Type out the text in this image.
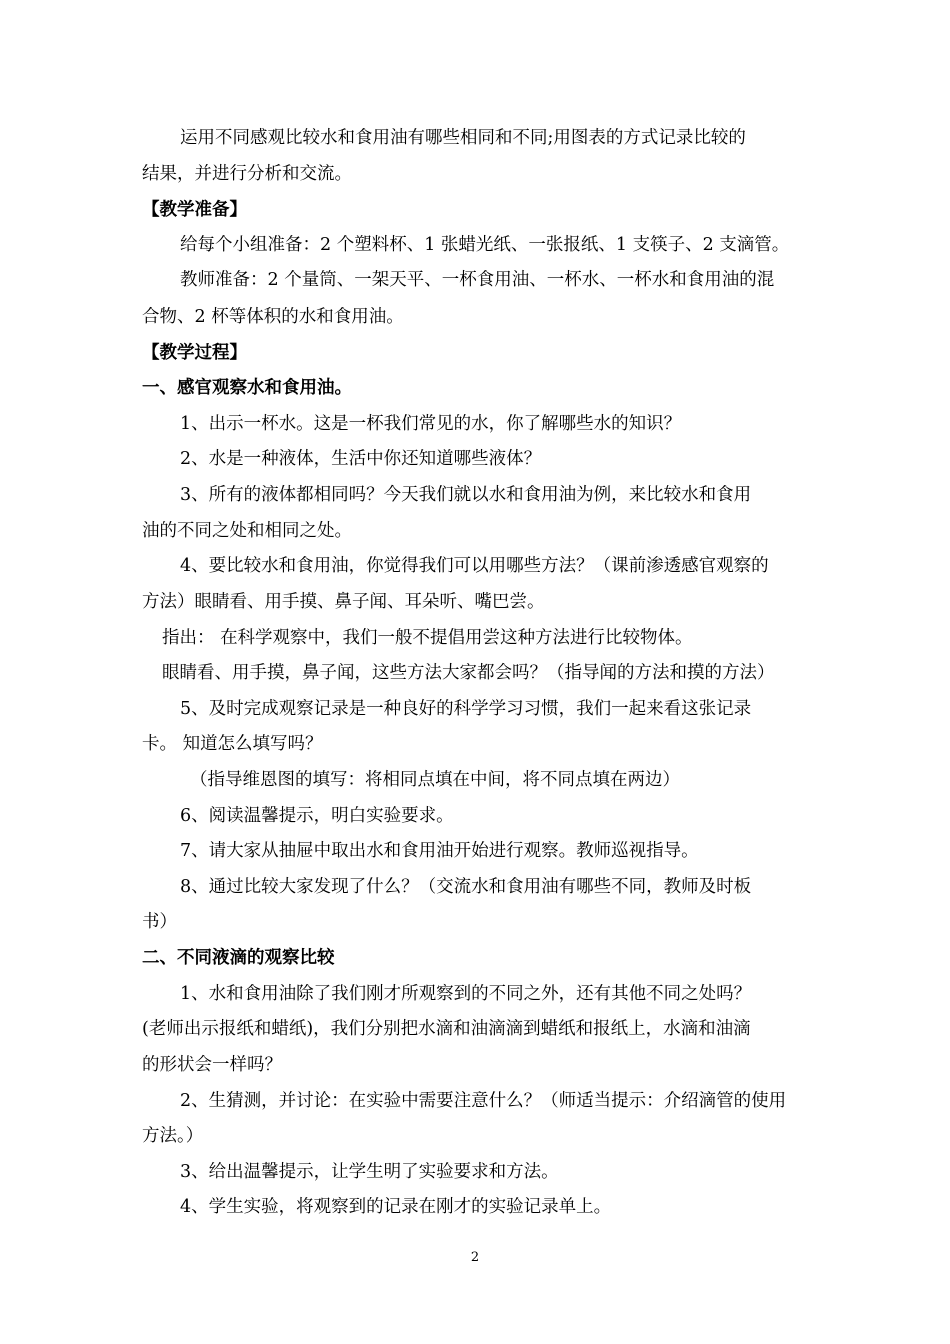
运用不同感观比较水和食用油有哪些相同和不同;用图表的方式记录比较的
结果，并进行分析和交流。
【教学准备】
给每个小组准备：2 个塑料杯、1 张蜡光纸、一张报纸、1 支筷子、2 支滴管。
教师准备：2 个量筒、一架天平、一杯食用油、一杯水、一杯水和食用油的混
合物、2 杯等体积的水和食用油。
【教学过程】
一、感官观察水和食用油。
1、出示一杯水。这是一杯我们常见的水，你了解哪些水的知识？
2、水是一种液体，生活中你还知道哪些液体？
3、所有的液体都相同吗？今天我们就以水和食用油为例，来比较水和食用
油的不同之处和相同之处。
4、要比较水和食用油，你觉得我们可以用哪些方法？（课前渗透感官观察的
方法）眼睛看、用手摸、鼻子闻、耳朵听、嘴巴尝。
指出： 在科学观察中，我们一般不提倡用尝这种方法进行比较物体。
眼睛看、用手摸，鼻子闻，这些方法大家都会吗？（指导闻的方法和摸的方法）
5、及时完成观察记录是一种良好的科学学习习惯，我们一起来看这张记录
卡。 知道怎么填写吗？
（指导维恩图的填写：将相同点填在中间，将不同点填在两边）
6、阅读温馨提示，明白实验要求。
7、请大家从抽屉中取出水和食用油开始进行观察。教师巡视指导。
8、通过比较大家发现了什么？（交流水和食用油有哪些不同，教师及时板
书）
二、不同液滴的观察比较
1、水和食用油除了我们刚才所观察到的不同之外，还有其他不同之处吗？
(老师出示报纸和蜡纸)，我们分别把水滴和油滴滴到蜡纸和报纸上，水滴和油滴
的形状会一样吗？
2、生猜测，并讨论：在实验中需要注意什么？（师适当提示：介绍滴管的使用
方法。）
3、给出温馨提示，让学生明了实验要求和方法。
4、学生实验，将观察到的记录在刚才的实验记录单上。
2
